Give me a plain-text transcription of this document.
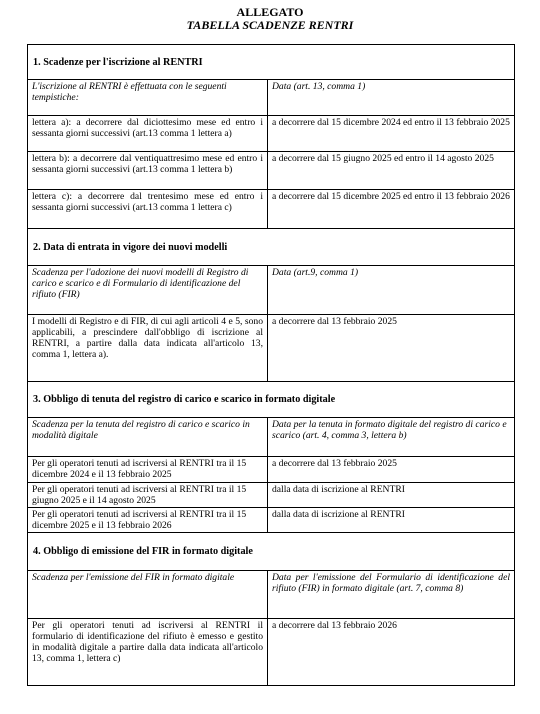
ALLEGATO
TABELLA SCADENZE RENTRI
1. Scadenze per l'iscrizione al RENTRI	
L'iscrizione al RENTRI è effettuata con le seguenti tempistiche:	Data (art. 13, comma 1)
lettera a): a decorrere dal diciottesimo mese ed entro i sessanta giorni successivi (art.13 comma 1 lettera a)	a decorrere dal 15 dicembre 2024 ed entro il 13 febbraio 2025
lettera b): a decorrere dal ventiquattresimo mese ed entro i sessanta giorni successivi (art.13 comma 1 lettera b)	a decorrere dal 15 giugno 2025 ed entro il 14 agosto 2025
lettera c): a decorrere dal trentesimo mese ed entro i sessanta giorni successivi (art.13 comma 1 lettera c)	a decorrere dal 15 dicembre 2025 ed entro il 13 febbraio 2026
2. Data di entrata in vigore dei nuovi modelli	
Scadenza per l'adozione dei nuovi modelli di Registro di carico e scarico e di Formulario di identificazione del rifiuto (FIR)	Data (art.9, comma 1)
I modelli di Registro e di FIR, di cui agli articoli 4 e 5, sono applicabili, a prescindere dall'obbligo di iscrizione al RENTRI, a partire dalla data indicata all'articolo 13, comma 1, lettera a).	a decorrere dal 13 febbraio 2025
3. Obbligo di tenuta del registro di carico e scarico in formato digitale	
Scadenza per la tenuta del registro di carico e scarico in modalità digitale	Data per la tenuta in formato digitale del registro di carico e scarico (art. 4, comma 3, lettera b)
Per gli operatori tenuti ad iscriversi al RENTRI tra il 15 dicembre 2024 e il 13 febbraio 2025	a decorrere dal 13 febbraio 2025
Per gli operatori tenuti ad iscriversi al RENTRI tra il 15 giugno 2025 e il 14 agosto 2025	dalla data di iscrizione al RENTRI
Per gli operatori tenuti ad iscriversi al RENTRI tra il 15 dicembre 2025 e il 13 febbraio 2026	dalla data di iscrizione al RENTRI
4. Obbligo di emissione del FIR in formato digitale	
Scadenza per l'emissione del FIR in formato digitale	Data per l'emissione del Formulario di identificazione del rifiuto (FIR) in formato digitale (art. 7, comma 8)
Per gli operatori tenuti ad iscriversi al RENTRI il formulario di identificazione del rifiuto è emesso e gestito in modalità digitale a partire dalla data indicata all'articolo 13, comma 1, lettera c)	a decorrere dal 13 febbraio 2026
